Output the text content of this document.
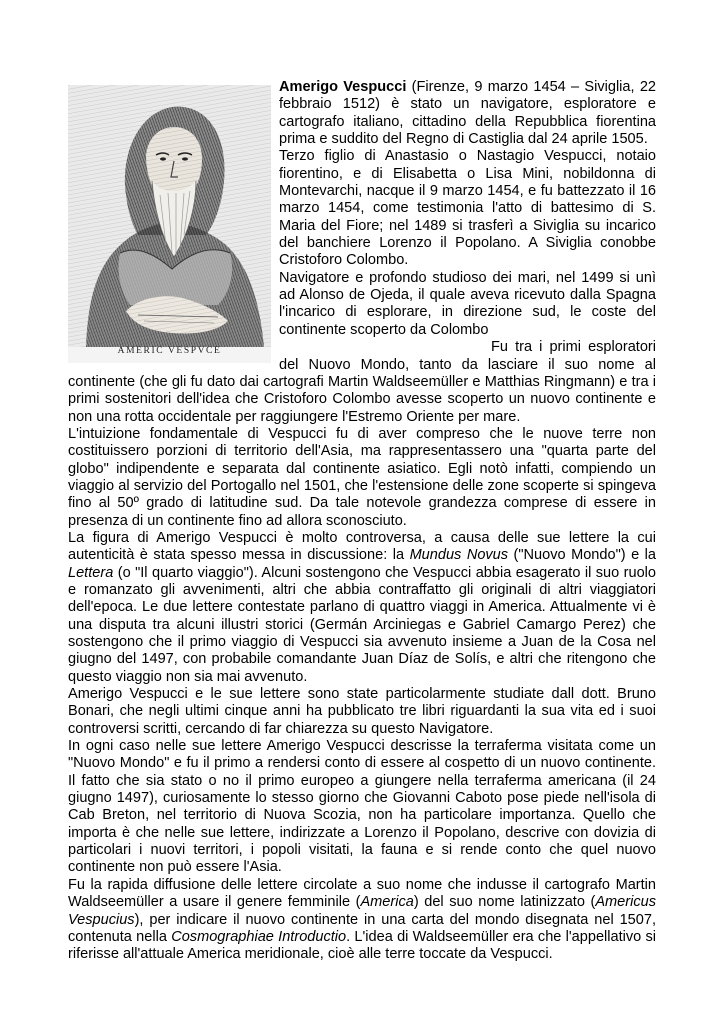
AMERIC VESPVCE

Amerigo Vespucci (Firenze, 9 marzo 1454 – Siviglia, 22 febbraio 1512) è stato un navigatore, esploratore e cartografo italiano, cittadino della Repubblica fiorentina prima e suddito del Regno di Castiglia dal 24 aprile 1505.

Terzo figlio di Anastasio o Nastagio Vespucci, notaio fiorentino, e di Elisabetta o Lisa Mini, nobildonna di Montevarchi, nacque il 9 marzo 1454, e fu battezzato il 16 marzo 1454, come testimonia l'atto di battesimo di S. Maria del Fiore; nel 1489 si trasferì a Siviglia su incarico del banchiere Lorenzo il Popolano. A Siviglia conobbe Cristoforo Colombo.

Navigatore e profondo studioso dei mari, nel 1499 si unì ad Alonso de Ojeda, il quale aveva ricevuto dalla Spagna l'incarico di esplorare, in direzione sud, le coste del continente scoperto da Colombo

Fu tra i primi esploratori del Nuovo Mondo, tanto da lasciare il suo nome al continente (che gli fu dato dai cartografi Martin Waldseemüller e Matthias Ringmann) e tra i primi sostenitori dell'idea che Cristoforo Colombo avesse scoperto un nuovo continente e non una rotta occidentale per raggiungere l'Estremo Oriente per mare.

L'intuizione fondamentale di Vespucci fu di aver compreso che le nuove terre non costituissero porzioni di territorio dell'Asia, ma rappresentassero una "quarta parte del globo" indipendente e separata dal continente asiatico. Egli notò infatti, compiendo un viaggio al servizio del Portogallo nel 1501, che l'estensione delle zone scoperte si spingeva fino al 50º grado di latitudine sud. Da tale notevole grandezza comprese di essere in presenza di un continente fino ad allora sconosciuto.

La figura di Amerigo Vespucci è molto controversa, a causa delle sue lettere la cui autenticità è stata spesso messa in discussione: la Mundus Novus ("Nuovo Mondo") e la Lettera (o "Il quarto viaggio"). Alcuni sostengono che Vespucci abbia esagerato il suo ruolo e romanzato gli avvenimenti, altri che abbia contraffatto gli originali di altri viaggiatori dell'epoca. Le due lettere contestate parlano di quattro viaggi in America. Attualmente vi è una disputa tra alcuni illustri storici (Germán Arciniegas e Gabriel Camargo Perez) che sostengono che il primo viaggio di Vespucci sia avvenuto insieme a Juan de la Cosa nel giugno del 1497, con probabile comandante Juan Díaz de Solís, e altri che ritengono che questo viaggio non sia mai avvenuto.

Amerigo Vespucci e le sue lettere sono state particolarmente studiate dall dott. Bruno Bonari, che negli ultimi cinque anni ha pubblicato tre libri riguardanti la sua vita ed i suoi controversi scritti, cercando di far chiarezza su questo Navigatore.

In ogni caso nelle sue lettere Amerigo Vespucci descrisse la terraferma visitata come un "Nuovo Mondo" e fu il primo a rendersi conto di essere al cospetto di un nuovo continente. Il fatto che sia stato o no il primo europeo a giungere nella terraferma americana (il 24 giugno 1497), curiosamente lo stesso giorno che Giovanni Caboto pose piede nell'isola di Cab Breton, nel territorio di Nuova Scozia, non ha particolare importanza. Quello che importa è che nelle sue lettere, indirizzate a Lorenzo il Popolano, descrive con dovizia di particolari i nuovi territori, i popoli visitati, la fauna e si rende conto che quel nuovo continente non può essere l'Asia.

Fu la rapida diffusione delle lettere circolate a suo nome che indusse il cartografo Martin Waldseemüller a usare il genere femminile (America) del suo nome latinizzato (Americus Vespucius), per indicare il nuovo continente in una carta del mondo disegnata nel 1507, contenuta nella Cosmographiae Introductio. L'idea di Waldseemüller era che l'appellativo si riferisse all'attuale America meridionale, cioè alle terre toccate da Vespucci.
